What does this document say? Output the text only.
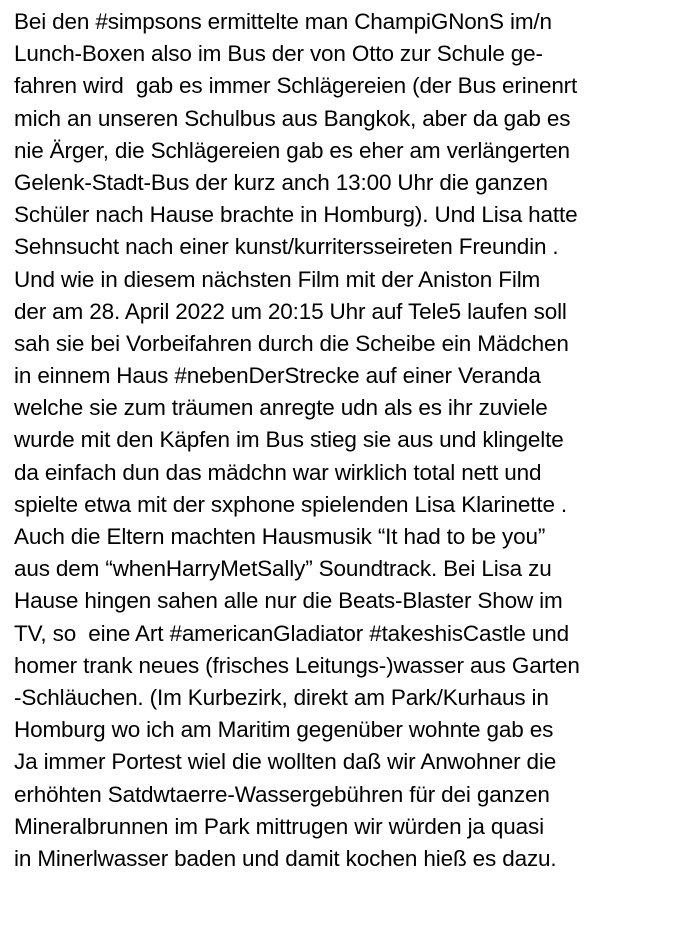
Bei den #simpsons ermittelte man ChampiGNonS im/n
Lunch-Boxen also im Bus der von Otto zur Schule ge-
fahren wird  gab es immer Schlägereien (der Bus erinenrt
mich an unseren Schulbus aus Bangkok, aber da gab es
nie Ärger, die Schlägereien gab es eher am verlängerten
Gelenk-Stadt-Bus der kurz anch 13:00 Uhr die ganzen
Schüler nach Hause brachte in Homburg). Und Lisa hatte
Sehnsucht nach einer kunst/kurritersseireten Freundin .
Und wie in diesem nächsten Film mit der Aniston Film
der am 28. April 2022 um 20:15 Uhr auf Tele5 laufen soll
sah sie bei Vorbeifahren durch die Scheibe ein Mädchen
in einnem Haus #nebenDerStrecke auf einer Veranda
welche sie zum träumen anregte udn als es ihr zuviele
wurde mit den Käpfen im Bus stieg sie aus und klingelte
da einfach dun das mädchn war wirklich total nett und
spielte etwa mit der sxphone spielenden Lisa Klarinette .
Auch die Eltern machten Hausmusik “It had to be you”
aus dem “whenHarryMetSally” Soundtrack. Bei Lisa zu
Hause hingen sahen alle nur die Beats-Blaster Show im
TV, so  eine Art #americanGladiator #takeshisCastle und
homer trank neues (frisches Leitungs-)wasser aus Garten
-Schläuchen. (Im Kurbezirk, direkt am Park/Kurhaus in
Homburg wo ich am Maritim gegenüber wohnte gab es
Ja immer Portest wiel die wollten daß wir Anwohner die
erhöhten Satdwtaerre-Wassergebühren für dei ganzen
Mineralbrunnen im Park mittrugen wir würden ja quasi
in Minerlwasser baden und damit kochen hieß es dazu.
